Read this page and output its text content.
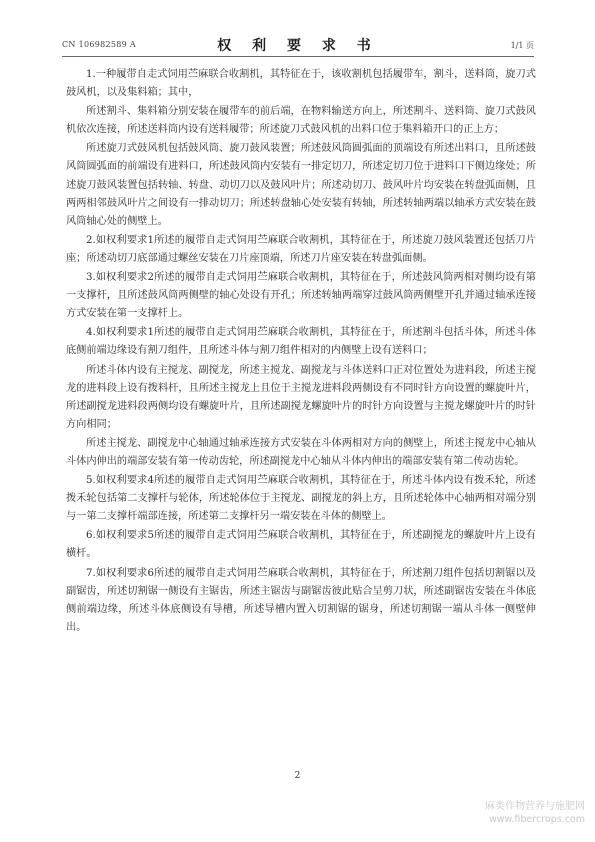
CN 106982589 A	权 利 要 求 书	1/1 页

1.一种履带自走式饲用苎麻联合收割机，其特征在于，该收割机包括履带车，割斗，送料筒，旋刀式鼓风机，以及集料箱；其中，

所述割斗、集料箱分别安装在履带车的前后端，在物料输送方向上，所述割斗、送料筒、旋刀式鼓风机依次连接，所述送料筒内设有送料履带；所述旋刀式鼓风机的出料口位于集料箱开口的正上方；

所述旋刀式鼓风机包括鼓风筒、旋刀鼓风装置；所述鼓风筒圆弧面的顶端设有所述出料口，且所述鼓风筒圆弧面的前端设有进料口，所述鼓风筒内安装有一排定切刀，所述定切刀位于进料口下侧边缘处；所述旋刀鼓风装置包括转轴、转盘、动切刀以及鼓风叶片；所述动切刀、鼓风叶片均安装在转盘弧面侧，且两两相邻鼓风叶片之间设有一排动切刀；所述转盘轴心处安装有转轴，所述转轴两端以轴承方式安装在鼓风筒轴心处的侧壁上。

2.如权利要求1所述的履带自走式饲用苎麻联合收割机，其特征在于，所述旋刀鼓风装置还包括刀片座；所述动切刀底部通过螺丝安装在刀片座顶端，所述刀片座安装在转盘弧面侧。

3.如权利要求2所述的履带自走式饲用苎麻联合收割机，其特征在于，所述鼓风筒两相对侧均设有第一支撑杆，且所述鼓风筒两侧壁的轴心处设有开孔；所述转轴两端穿过鼓风筒两侧壁开孔并通过轴承连接方式安装在第一支撑杆上。

4.如权利要求1所述的履带自走式饲用苎麻联合收割机，其特征在于，所述割斗包括斗体，所述斗体底侧前端边缘设有割刀组件，且所述斗体与割刀组件相对的内侧壁上设有送料口；

所述斗体内设有主搅龙、副搅龙，所述主搅龙、副搅龙与斗体送料口正对位置处为进料段，所述主搅龙的进料段上设有拨料杆，且所述主搅龙上且位于主搅龙进料段两侧设有不同时针方向设置的螺旋叶片，所述副搅龙进料段两侧均设有螺旋叶片，且所述副搅龙螺旋叶片的时针方向设置与主搅龙螺旋叶片的时针方向相同；

所述主搅龙、副搅龙中心轴通过轴承连接方式安装在斗体两相对方向的侧壁上，所述主搅龙中心轴从斗体内伸出的端部安装有第一传动齿轮，所述副搅龙中心轴从斗体内伸出的端部安装有第二传动齿轮。

5.如权利要求4所述的履带自走式饲用苎麻联合收割机，其特征在于，所述斗体内设有拨禾轮，所述拨禾轮包括第二支撑杆与轮体，所述轮体位于主搅龙、副搅龙的斜上方，且所述轮体中心轴两相对端分别与一第二支撑杆端部连接，所述第二支撑杆另一端安装在斗体的侧壁上。

6.如权利要求5所述的履带自走式饲用苎麻联合收割机，其特征在于，所述副搅龙的螺旋叶片上设有横杆。

7.如权利要求6所述的履带自走式饲用苎麻联合收割机，其特征在于，所述割刀组件包括切割锯以及副锯齿，所述切割锯一侧设有主锯齿，所述主锯齿与副锯齿彼此贴合呈剪刀状，所述副锯齿安装在斗体底侧前端边缘，所述斗体底侧设有导槽，所述导槽内置入切割锯的锯身，所述切割锯一端从斗体一侧壁伸出。

2
麻类作物营养与施肥网
www.fibercrops.com
